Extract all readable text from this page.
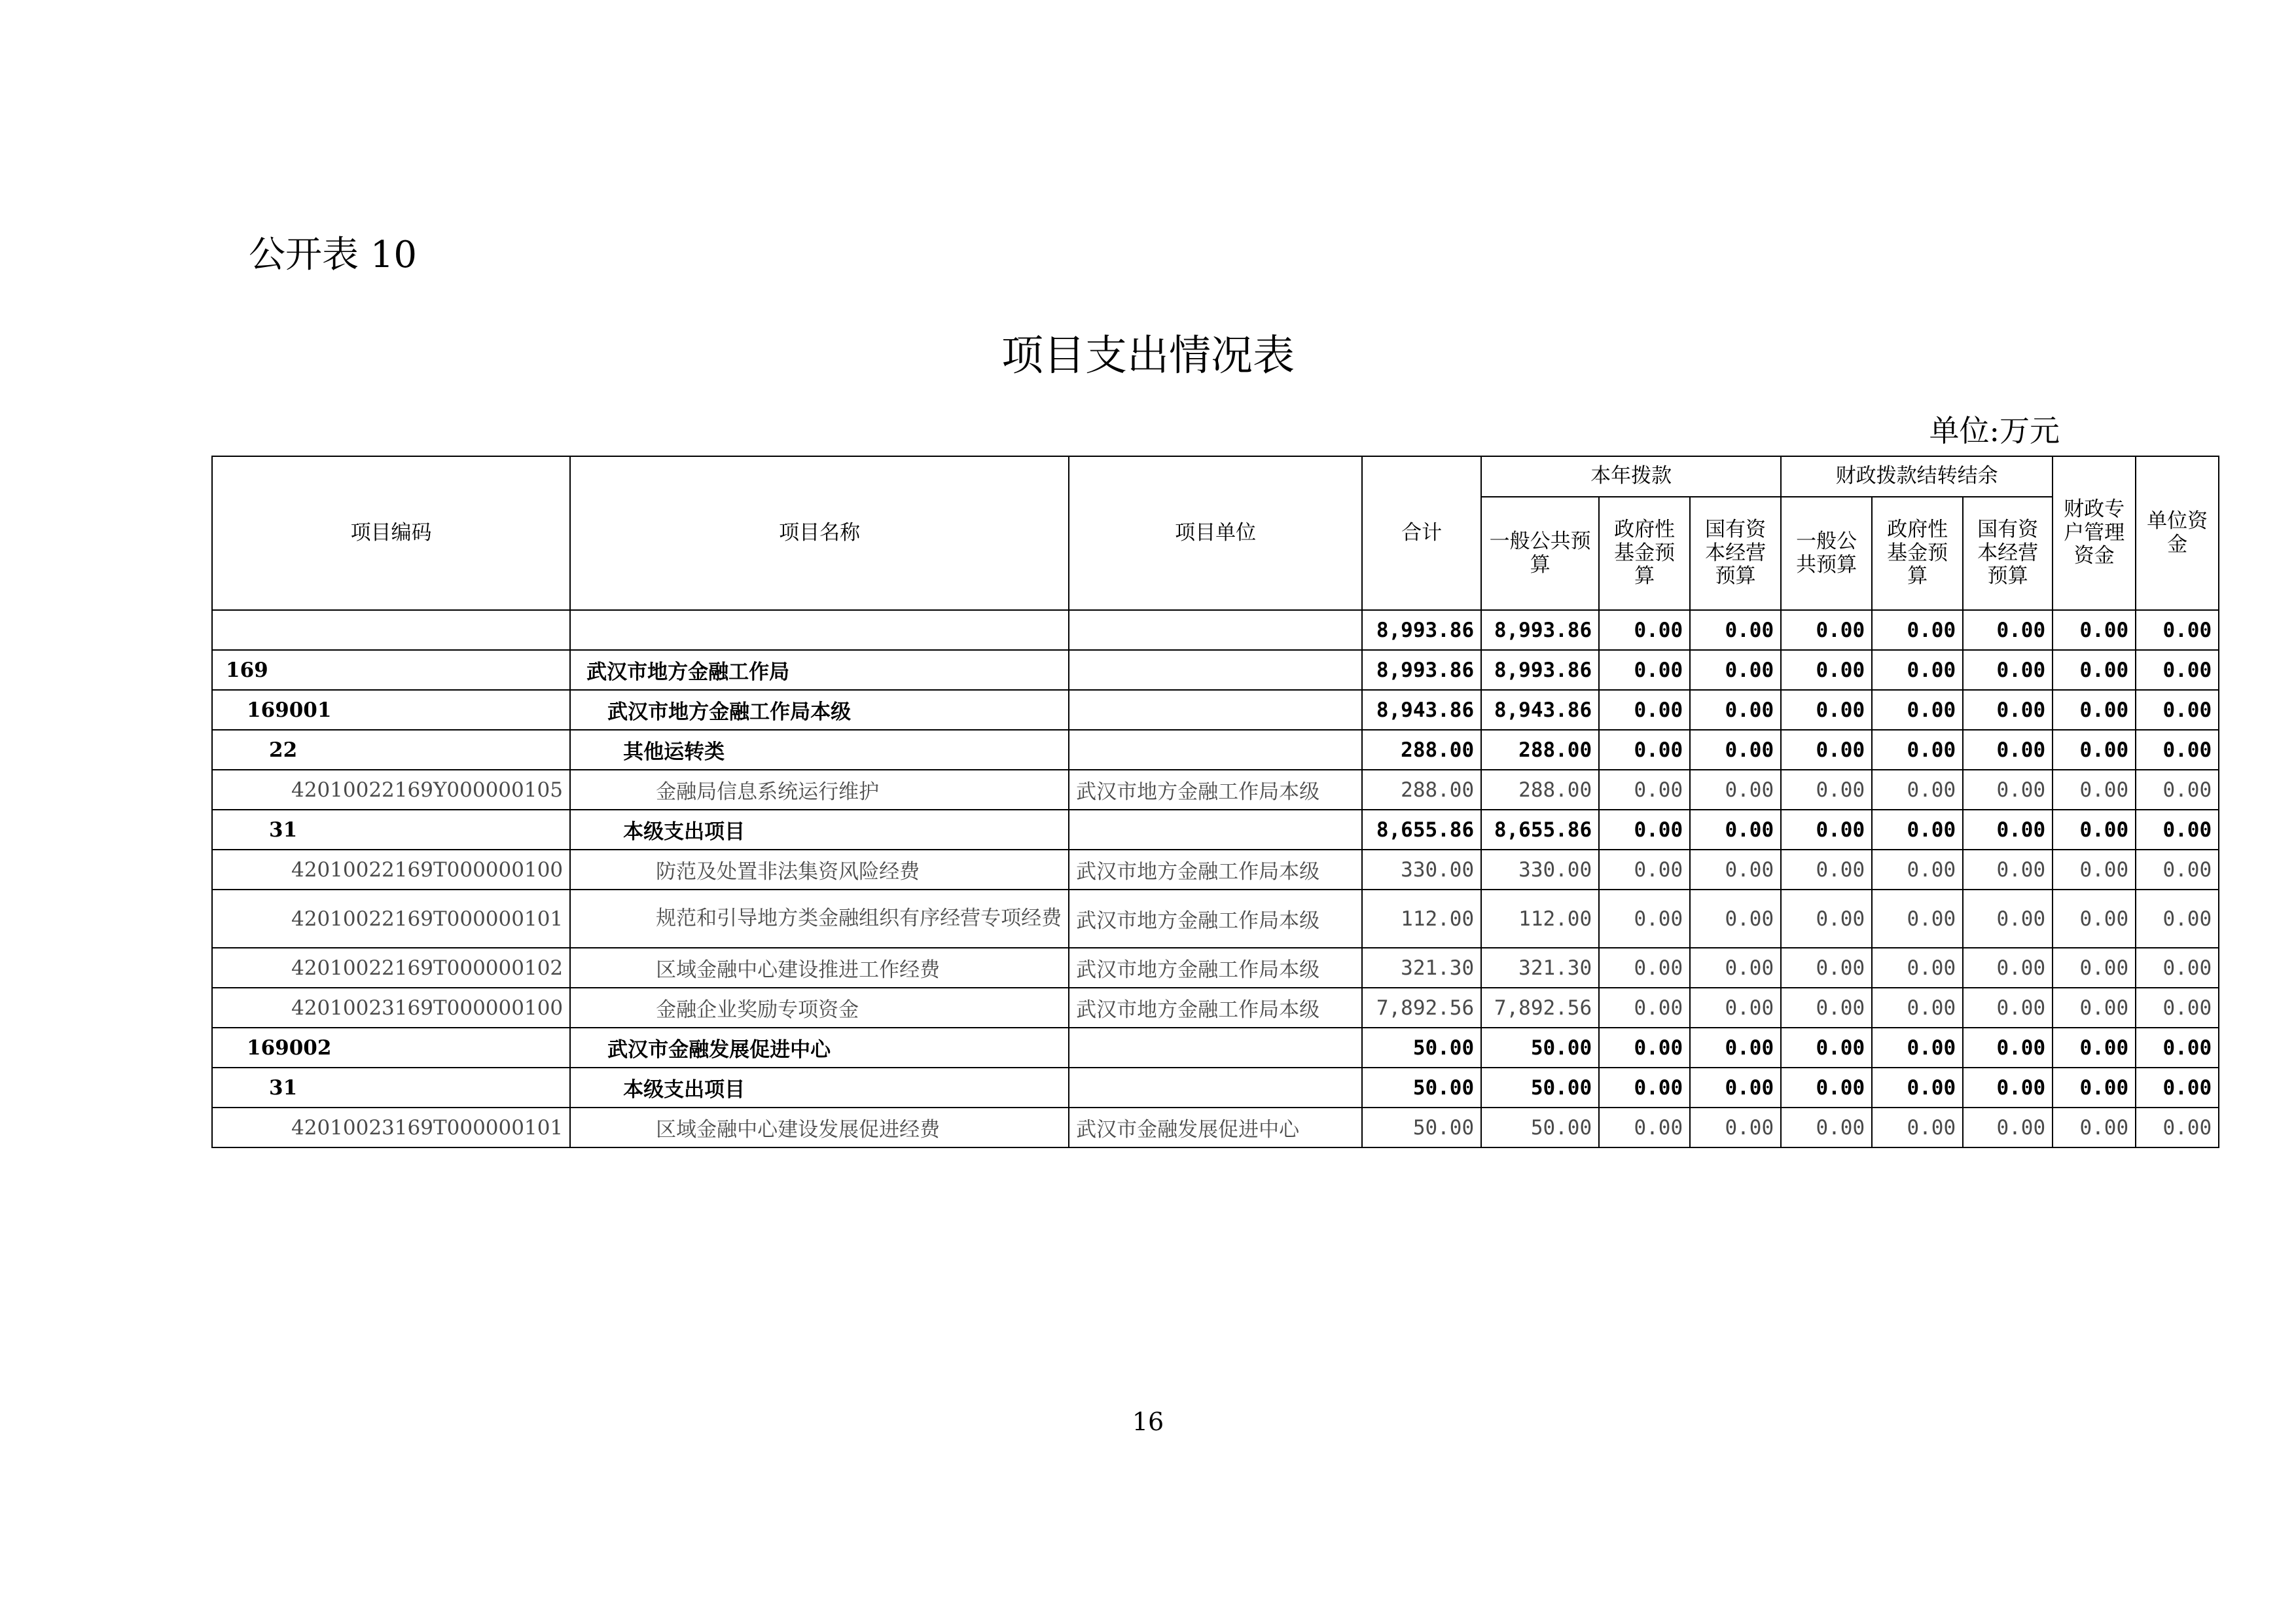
公开表 10
项目支出情况表
单位:万元
项目编码	项目名称	项目单位	合计	本年拨款			财政拨款结转结余			财政专户管理资金	单位资金
				一般公共预算	政府性基金预算	国有资本经营预算	一般公共预算	政府性基金预算	国有资本经营预算		
			8,993.86	8,993.86	0.00	0.00	0.00	0.00	0.00	0.00	0.00
169	武汉市地方金融工作局		8,993.86	8,993.86	0.00	0.00	0.00	0.00	0.00	0.00	0.00
169001	武汉市地方金融工作局本级		8,943.86	8,943.86	0.00	0.00	0.00	0.00	0.00	0.00	0.00
22	其他运转类		288.00	288.00	0.00	0.00	0.00	0.00	0.00	0.00	0.00
42010022169Y000000105	金融局信息系统运行维护	武汉市地方金融工作局本级	288.00	288.00	0.00	0.00	0.00	0.00	0.00	0.00	0.00
31	本级支出项目		8,655.86	8,655.86	0.00	0.00	0.00	0.00	0.00	0.00	0.00
42010022169T000000100	防范及处置非法集资风险经费	武汉市地方金融工作局本级	330.00	330.00	0.00	0.00	0.00	0.00	0.00	0.00	0.00
42010022169T000000101	规范和引导地方类金融组织有序经营专项经费	武汉市地方金融工作局本级	112.00	112.00	0.00	0.00	0.00	0.00	0.00	0.00	0.00
42010022169T000000102	区域金融中心建设推进工作经费	武汉市地方金融工作局本级	321.30	321.30	0.00	0.00	0.00	0.00	0.00	0.00	0.00
42010023169T000000100	金融企业奖励专项资金	武汉市地方金融工作局本级	7,892.56	7,892.56	0.00	0.00	0.00	0.00	0.00	0.00	0.00
169002	武汉市金融发展促进中心		50.00	50.00	0.00	0.00	0.00	0.00	0.00	0.00	0.00
31	本级支出项目		50.00	50.00	0.00	0.00	0.00	0.00	0.00	0.00	0.00
42010023169T000000101	区域金融中心建设发展促进经费	武汉市金融发展促进中心	50.00	50.00	0.00	0.00	0.00	0.00	0.00	0.00	0.00
16
